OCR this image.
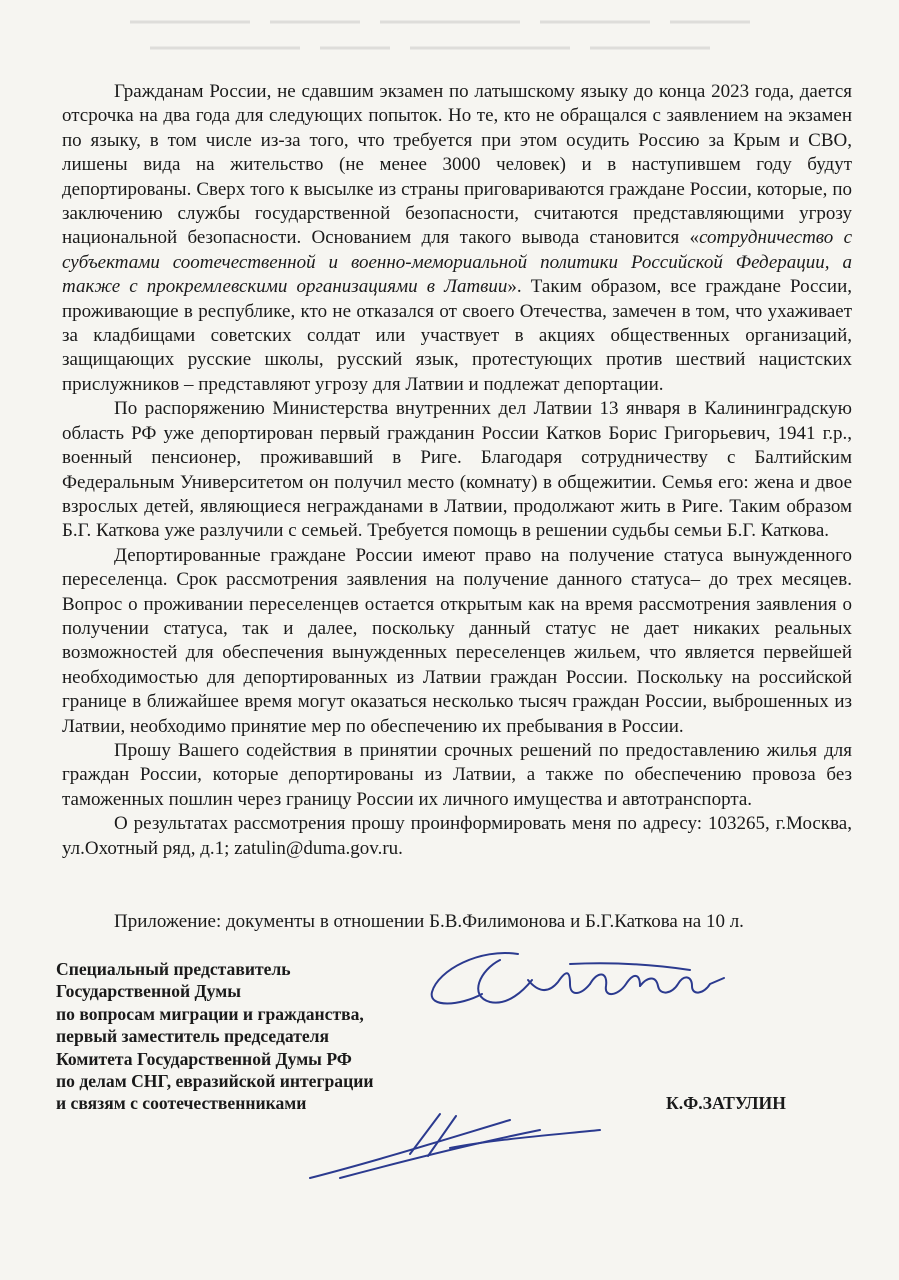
Гражданам России, не сдавшим экзамен по латышскому языку до конца 2023 года, дается отсрочка на два года для следующих попыток. Но те, кто не обращался с заявлением на экзамен по языку, в том числе из-за того, что требуется при этом осудить Россию за Крым и СВО, лишены вида на жительство (не менее 3000 человек) и в наступившем году будут депортированы. Сверх того к высылке из страны приговариваются граждане России, которые, по заключению службы государственной безопасности, считаются представляющими угрозу национальной безопасности. Основанием для такого вывода становится «сотрудничество с субъектами соотечественной и военно-мемориальной политики Российской Федерации, а также с прокремлевскими организациями в Латвии». Таким образом, все граждане России, проживающие в республике, кто не отказался от своего Отечества, замечен в том, что ухаживает за кладбищами советских солдат или участвует в акциях общественных организаций, защищающих русские школы, русский язык, протестующих против шествий нацистских прислужников – представляют угрозу для Латвии и подлежат депортации.

По распоряжению Министерства внутренних дел Латвии 13 января в Калининградскую область РФ уже депортирован первый гражданин России Катков Борис Григорьевич, 1941 г.р., военный пенсионер, проживавший в Риге. Благодаря сотрудничеству с Балтийским Федеральным Университетом он получил место (комнату) в общежитии. Семья его: жена и двое взрослых детей, являющиеся негражданами в Латвии, продолжают жить в Риге. Таким образом Б.Г. Каткова уже разлучили с семьей. Требуется помощь в решении судьбы семьи Б.Г. Каткова.

Депортированные граждане России имеют право на получение статуса вынужденного переселенца. Срок рассмотрения заявления на получение данного статуса– до трех месяцев. Вопрос о проживании переселенцев остается открытым как на время рассмотрения заявления о получении статуса, так и далее, поскольку данный статус не дает никаких реальных возможностей для обеспечения вынужденных переселенцев жильем, что является первейшей необходимостью для депортированных из Латвии граждан России. Поскольку на российской границе в ближайшее время могут оказаться несколько тысяч граждан России, выброшенных из Латвии, необходимо принятие мер по обеспечению их пребывания в России.

Прошу Вашего содействия в принятии срочных решений по предоставлению жилья для граждан России, которые депортированы из Латвии, а также по обеспечению провоза без таможенных пошлин через границу России их личного имущества и автотранспорта.

О результатах рассмотрения прошу проинформировать меня по адресу: 103265, г.Москва, ул.Охотный ряд, д.1; zatulin@duma.gov.ru.

Приложение: документы в отношении Б.В.Филимонова и Б.Г.Каткова на 10 л.
Специальный представитель
Государственной Думы
по вопросам миграции и гражданства,
первый заместитель председателя
Комитета Государственной Думы РФ
по делам СНГ, евразийской интеграции
и связям с соотечественниками	К.Ф.ЗАТУЛИН
